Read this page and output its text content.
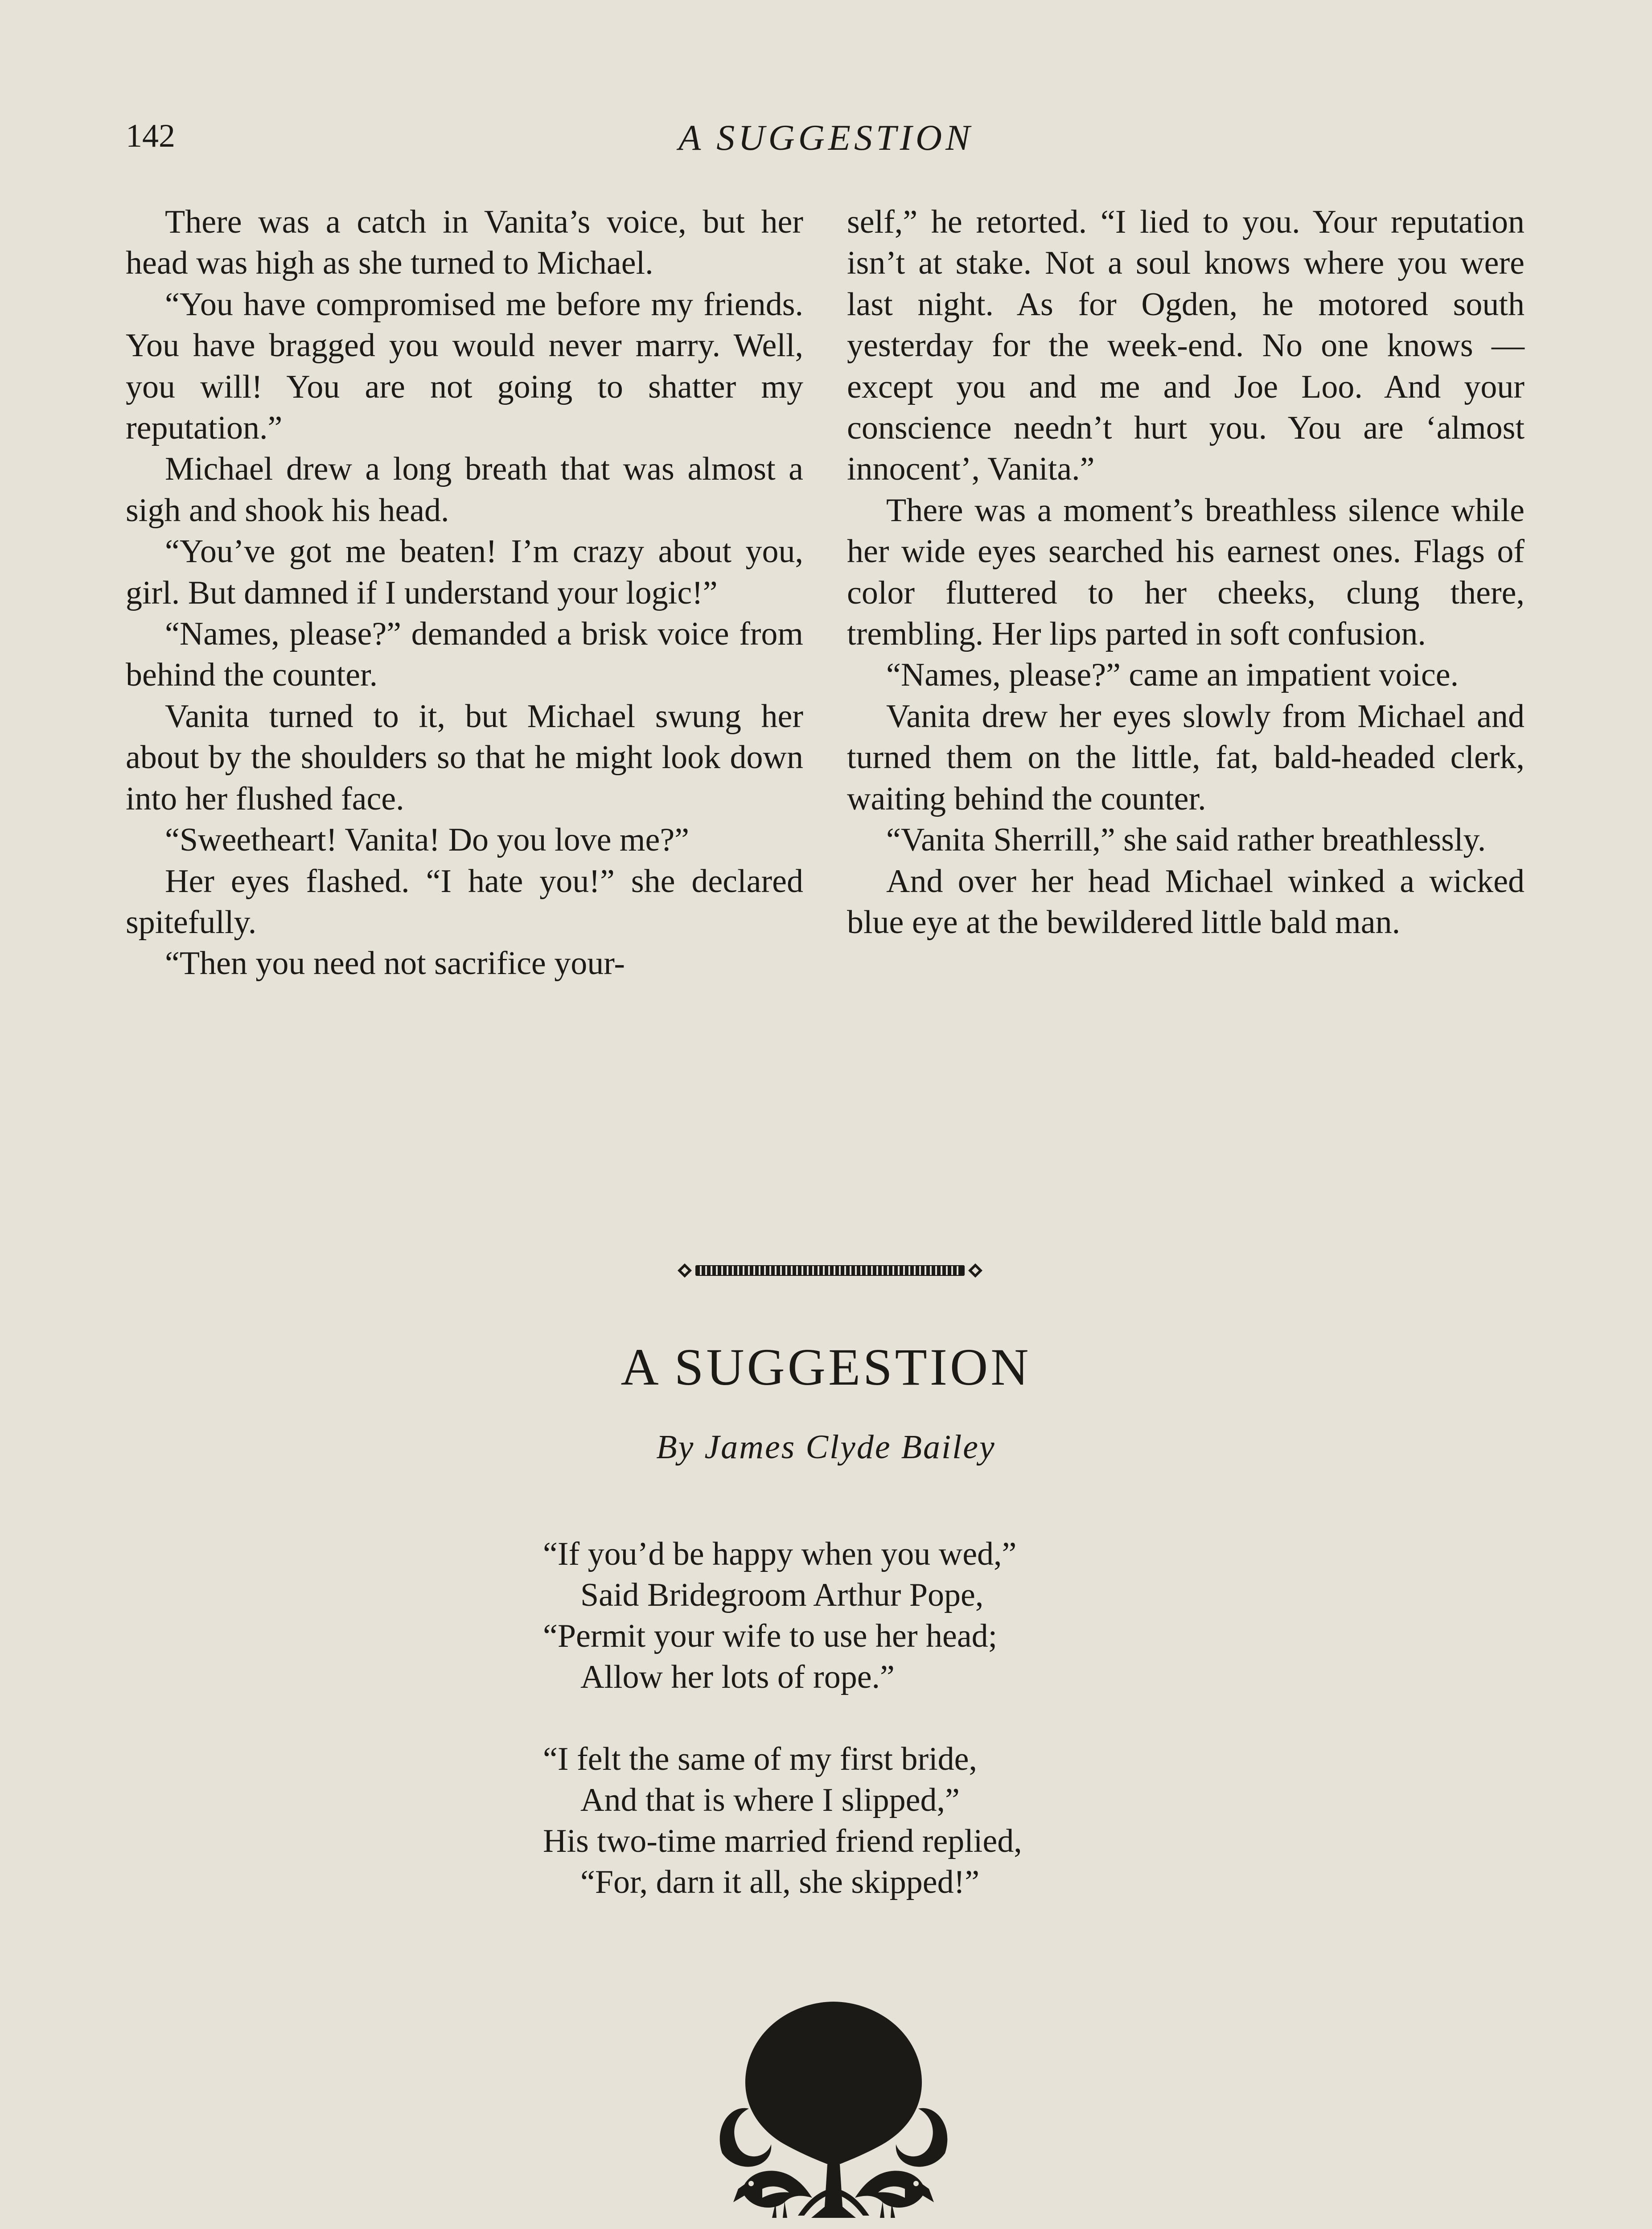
142	A SUGGESTION

There was a catch in Vanita’s voice, but her head was high as she turned to Michael.

“You have compromised me before my friends. You have bragged you would never marry. Well, you will! You are not going to shatter my reputation.”

Michael drew a long breath that was almost a sigh and shook his head.

“You’ve got me beaten! I’m crazy about you, girl. But damned if I understand your logic!”

“Names, please?” demanded a brisk voice from behind the counter.

Vanita turned to it, but Michael swung her about by the shoulders so that he might look down into her flushed face.

“Sweetheart! Vanita! Do you love me?”

Her eyes flashed. “I hate you!” she declared spitefully.

“Then you need not sacrifice your-

self,” he retorted. “I lied to you. Your reputation isn’t at stake. Not a soul knows where you were last night. As for Ogden, he motored south yesterday for the week-end. No one knows —except you and me and Joe Loo. And your conscience needn’t hurt you. You are ‘almost innocent’, Vanita.”

There was a moment’s breathless silence while her wide eyes searched his earnest ones. Flags of color fluttered to her cheeks, clung there, trembling. Her lips parted in soft confusion.

“Names, please?” came an impatient voice.

Vanita drew her eyes slowly from Michael and turned them on the little, fat, bald-headed clerk, waiting behind the counter.

“Vanita Sherrill,” she said rather breathlessly.

And over her head Michael winked a wicked blue eye at the bewildered little bald man.

A SUGGESTION
By James Clyde Bailey
“If you’d be happy when you wed,”
Said Bridegroom Arthur Pope,
“Permit your wife to use her head;
Allow her lots of rope.”
“I felt the same of my first bride,
And that is where I slipped,”
His two-time married friend replied,
“For, darn it all, she skipped!”
